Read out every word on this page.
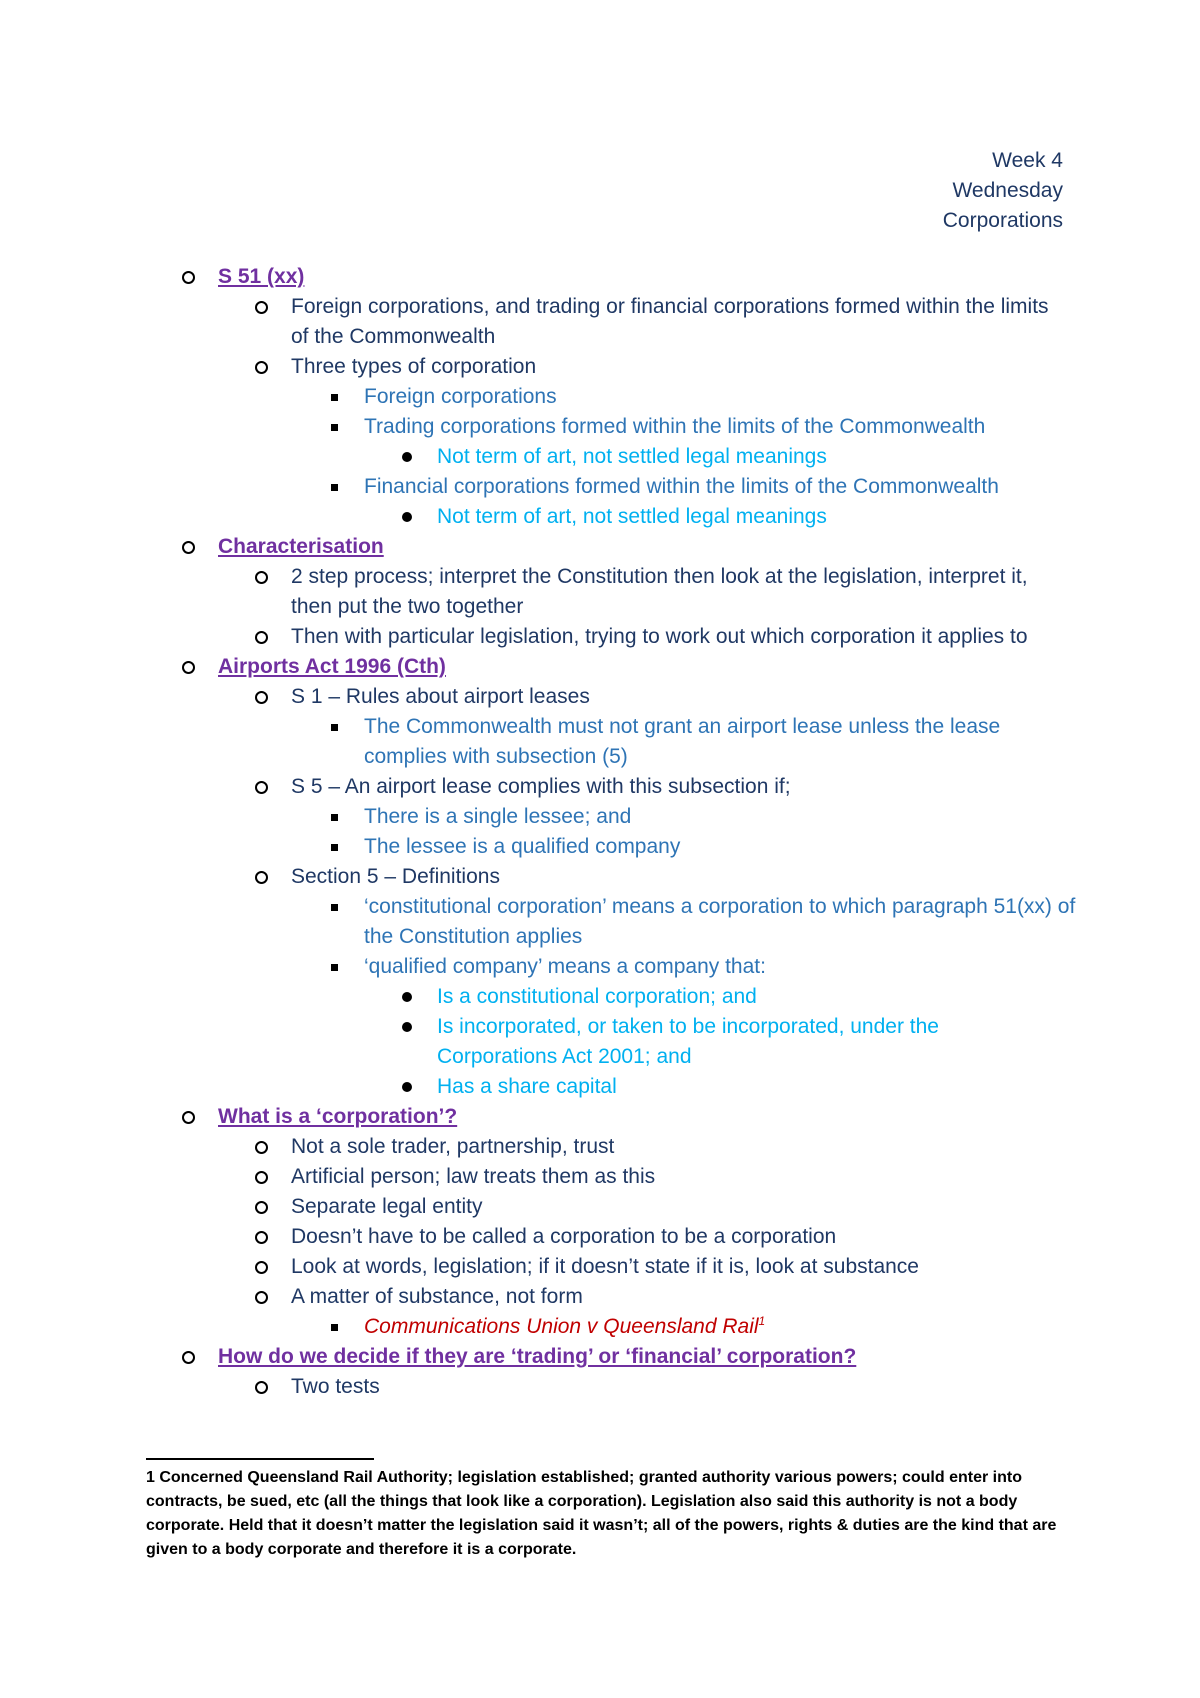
Week 4
Wednesday
Corporations
S 51 (xx)
Foreign corporations, and trading or financial corporations formed within the limits of the Commonwealth
Three types of corporation
Foreign corporations
Trading corporations formed within the limits of the Commonwealth
Not term of art, not settled legal meanings
Financial corporations formed within the limits of the Commonwealth
Not term of art, not settled legal meanings
Characterisation
2 step process; interpret the Constitution then look at the legislation, interpret it, then put the two together
Then with particular legislation, trying to work out which corporation it applies to
Airports Act 1996 (Cth)
S 1 – Rules about airport leases
The Commonwealth must not grant an airport lease unless the lease complies with subsection (5)
S 5 – An airport lease complies with this subsection if;
There is a single lessee; and
The lessee is a qualified company
Section 5 – Definitions
‘constitutional corporation’ means a corporation to which paragraph 51(xx) of the Constitution applies
‘qualified company’ means a company that:
Is a constitutional corporation; and
Is incorporated, or taken to be incorporated, under the Corporations Act 2001; and
Has a share capital
What is a ‘corporation’?
Not a sole trader, partnership, trust
Artificial person; law treats them as this
Separate legal entity
Doesn’t have to be called a corporation to be a corporation
Look at words, legislation; if it doesn’t state if it is, look at substance
A matter of substance, not form
Communications Union v Queensland Rail$^1$
How do we decide if they are ‘trading’ or ‘financial’ corporation?
Two tests
1 Concerned Queensland Rail Authority; legislation established; granted authority various powers; could enter into contracts, be sued, etc (all the things that look like a corporation). Legislation also said this authority is not a body corporate. Held that it doesn’t matter the legislation said it wasn’t; all of the powers, rights & duties are the kind that are given to a body corporate and therefore it is a corporate.
